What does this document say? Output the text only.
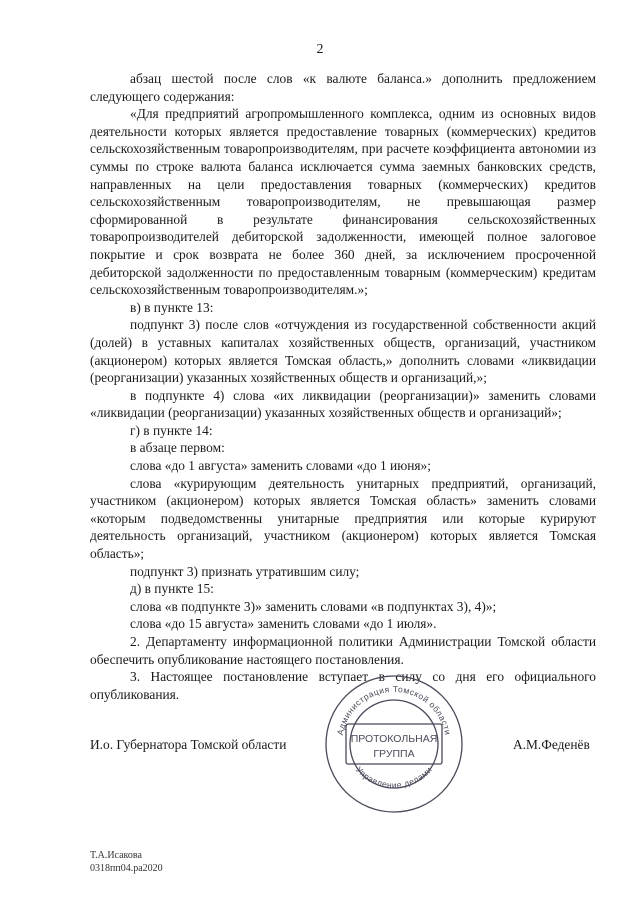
2

абзац шестой после слов «к валюте баланса.» дополнить предложением следующего содержания:

«Для предприятий агропромышленного комплекса, одним из основных видов деятельности которых является предоставление товарных (коммерческих) кредитов сельскохозяйственным товаропроизводителям, при расчете коэффициента автономии из суммы по строке валюта баланса исключается сумма заемных банковских средств, направленных на цели предоставления товарных (коммерческих) кредитов сельскохозяйственным товаропроизводителям, не превышающая размер сформированной в результате финансирования сельскохозяйственных товаропроизводителей дебиторской задолженности, имеющей полное залоговое покрытие и срок возврата не более 360 дней, за исключением просроченной дебиторской задолженности по предоставленным товарным (коммерческим) кредитам сельскохозяйственным товаропроизводителям.»;

в) в пункте 13:

подпункт 3) после слов «отчуждения из государственной собственности акций (долей) в уставных капиталах хозяйственных обществ, организаций, участником (акционером) которых является Томская область,» дополнить словами «ликвидации (реорганизации) указанных хозяйственных обществ и организаций,»;

в подпункте 4) слова «их ликвидации (реорганизации)» заменить словами «ликвидации (реорганизации) указанных хозяйственных обществ и организаций»;

г) в пункте 14:

в абзаце первом:

слова «до 1 августа» заменить словами «до 1 июня»;

слова «курирующим деятельность унитарных предприятий, организаций, участником (акционером) которых является Томская область» заменить словами «которым подведомственны унитарные предприятия или которые курируют деятельность организаций, участником (акционером) которых является Томская область»;

подпункт 3) признать утратившим силу;

д) в пункте 15:

слова «в подпункте 3)» заменить словами «в подпунктах 3), 4)»;

слова «до 15 августа» заменить словами «до 1 июля».

2. Департаменту информационной политики Администрации Томской области обеспечить опубликование настоящего постановления.

3. Настоящее постановление вступает в силу со дня его официального опубликования.

И.о. Губернатора Томской области	А.М.Феденёв
Администрация Томской области
Управление делами
ПРОТОКОЛЬНАЯ
ГРУППА
Т.А.Исакова
0318пп04.ра2020
